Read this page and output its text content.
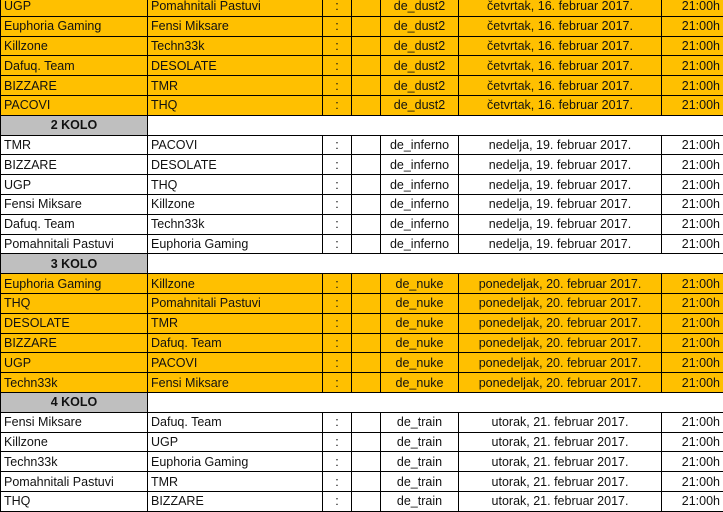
UGP	Pomahnitali Pastuvi	:		de_dust2	četvrtak, 16. februar 2017.	21:00h
Euphoria Gaming	Fensi Miksare	:		de_dust2	četvrtak, 16. februar 2017.	21:00h
Killzone	Techn33k	:		de_dust2	četvrtak, 16. februar 2017.	21:00h
Dafuq. Team	DESOLATE	:		de_dust2	četvrtak, 16. februar 2017.	21:00h
BIZZARE	TMR	:		de_dust2	četvrtak, 16. februar 2017.	21:00h
PACOVI	THQ	:		de_dust2	četvrtak, 16. februar 2017.	21:00h
2 KOLO						
TMR	PACOVI	:		de_inferno	nedelja, 19. februar 2017.	21:00h
BIZZARE	DESOLATE	:		de_inferno	nedelja, 19. februar 2017.	21:00h
UGP	THQ	:		de_inferno	nedelja, 19. februar 2017.	21:00h
Fensi Miksare	Killzone	:		de_inferno	nedelja, 19. februar 2017.	21:00h
Dafuq. Team	Techn33k	:		de_inferno	nedelja, 19. februar 2017.	21:00h
Pomahnitali Pastuvi	Euphoria Gaming	:		de_inferno	nedelja, 19. februar 2017.	21:00h
3 KOLO						
Euphoria Gaming	Killzone	:		de_nuke	ponedeljak, 20. februar 2017.	21:00h
THQ	Pomahnitali Pastuvi	:		de_nuke	ponedeljak, 20. februar 2017.	21:00h
DESOLATE	TMR	:		de_nuke	ponedeljak, 20. februar 2017.	21:00h
BIZZARE	Dafuq. Team	:		de_nuke	ponedeljak, 20. februar 2017.	21:00h
UGP	PACOVI	:		de_nuke	ponedeljak, 20. februar 2017.	21:00h
Techn33k	Fensi Miksare	:		de_nuke	ponedeljak, 20. februar 2017.	21:00h
4 KOLO						
Fensi Miksare	Dafuq. Team	:		de_train	utorak, 21. februar 2017.	21:00h
Killzone	UGP	:		de_train	utorak, 21. februar 2017.	21:00h
Techn33k	Euphoria Gaming	:		de_train	utorak, 21. februar 2017.	21:00h
Pomahnitali Pastuvi	TMR	:		de_train	utorak, 21. februar 2017.	21:00h
THQ	BIZZARE	:		de_train	utorak, 21. februar 2017.	21:00h
